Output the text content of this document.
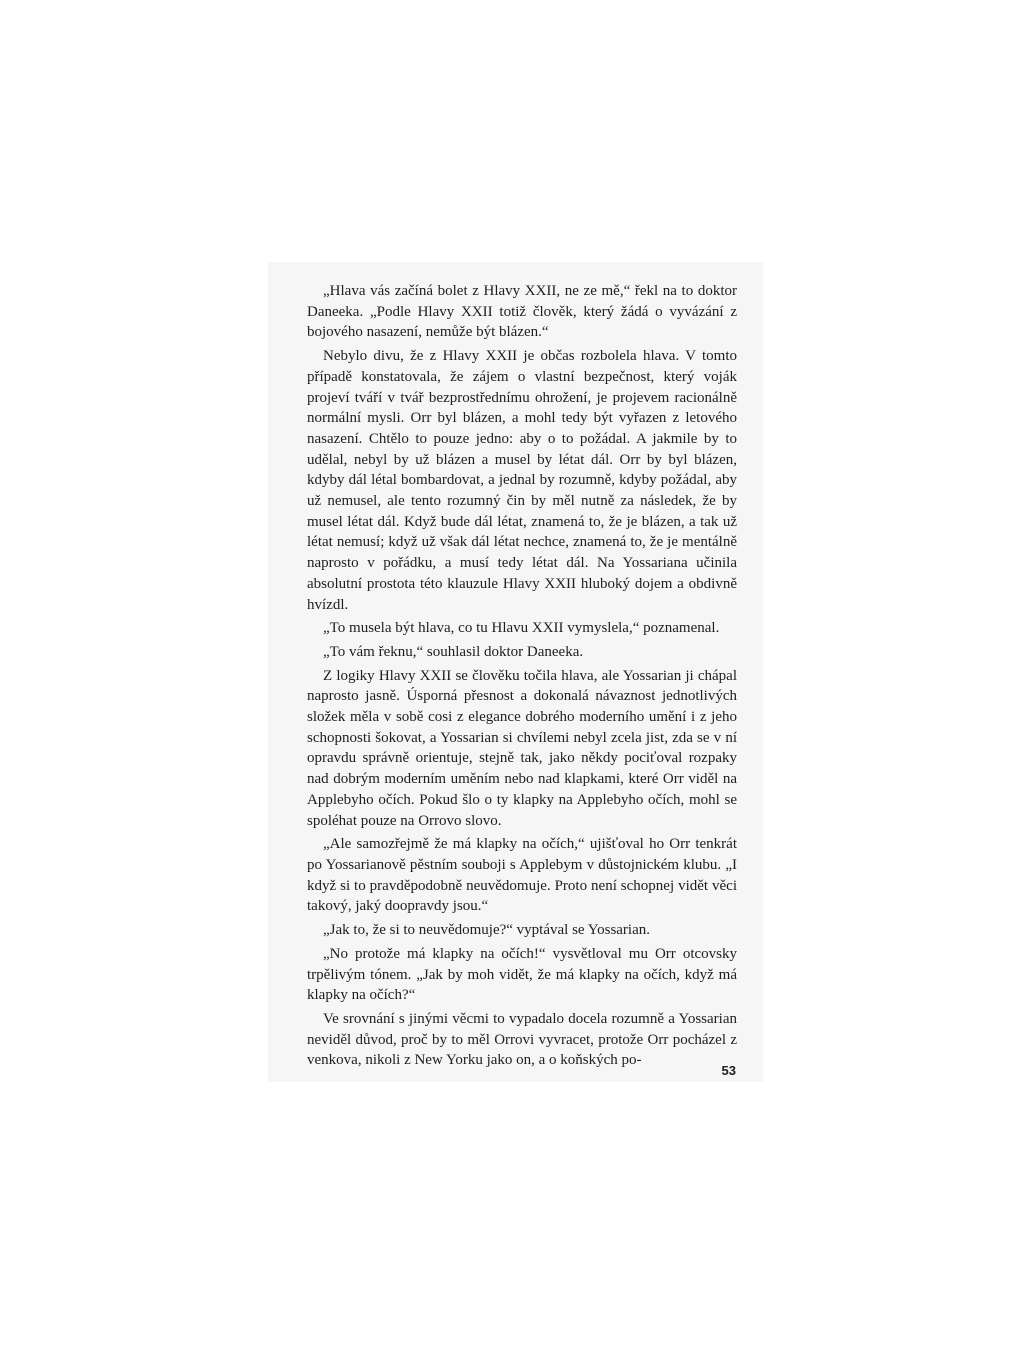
„Hlava vás začíná bolet z Hlavy XXII, ne ze mě,“ řekl na to doktor Daneeka. „Podle Hlavy XXII totiž člověk, který žádá o vyvázání z bojového nasazení, nemůže být blázen.“

Nebylo divu, že z Hlavy XXII je občas rozbolela hlava. V tomto případě konstatovala, že zájem o vlastní bezpečnost, který voják projeví tváří v tvář bezprostřednímu ohrožení, je projevem racionálně normální mysli. Orr byl blázen, a mohl tedy být vyřazen z letového nasazení. Chtělo to pouze jedno: aby o to požádal. A jakmile by to udělal, nebyl by už blázen a musel by létat dál. Orr by byl blázen, kdyby dál létal bombardovat, a jednal by rozumně, kdyby požádal, aby už nemusel, ale tento rozumný čin by měl nutně za následek, že by musel létat dál. Když bude dál létat, znamená to, že je blázen, a tak už létat nemusí; když už však dál létat nechce, znamená to, že je mentálně naprosto v pořádku, a musí tedy létat dál. Na Yossariana učinila absolutní prostota této klauzule Hlavy XXII hluboký dojem a obdivně hvízdl.

„To musela být hlava, co tu Hlavu XXII vymyslela,“ poznamenal.

„To vám řeknu,“ souhlasil doktor Daneeka.

Z logiky Hlavy XXII se člověku točila hlava, ale Yossarian ji chápal naprosto jasně. Úsporná přesnost a dokonalá návaznost jednotlivých složek měla v sobě cosi z elegance dobrého moderního umění i z jeho schopnosti šokovat, a Yossarian si chvílemi nebyl zcela jist, zda se v ní opravdu správně orientuje, stejně tak, jako někdy pociťoval rozpaky nad dobrým moderním uměním nebo nad klapkami, které Orr viděl na Applebyho očích. Pokud šlo o ty klapky na Applebyho očích, mohl se spoléhat pouze na Orrovo slovo.

„Ale samozřejmě že má klapky na očích,“ ujišťoval ho Orr tenkrát po Yossarianově pěstním souboji s Applebym v důstojnickém klubu. „I když si to pravděpodobně neuvědomuje. Proto není schopnej vidět věci takový, jaký doopravdy jsou.“

„Jak to, že si to neuvědomuje?“ vyptával se Yossarian.

„No protože má klapky na očích!“ vysvětloval mu Orr otcovsky trpělivým tónem. „Jak by moh vidět, že má klapky na očích, když má klapky na očích?“

Ve srovnání s jinými věcmi to vypadalo docela rozumně a Yossarian neviděl důvod, proč by to měl Orrovi vyvracet, protože Orr pocházel z venkova, nikoli z New Yorku jako on, a o koňských po-

53
